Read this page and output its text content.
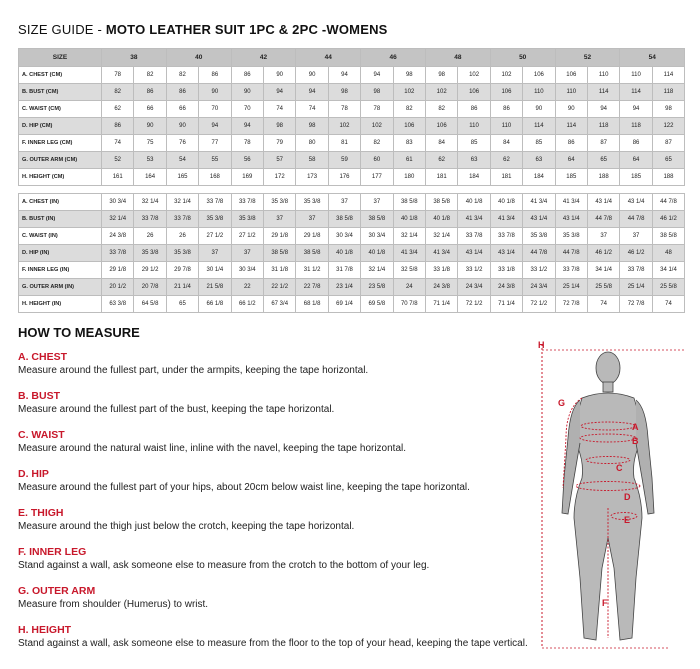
SIZE GUIDE - MOTO LEATHER SUIT 1PC & 2PC -WOMENS
SIZE	38		40		42		44		46		48		50		52		54	
A. CHEST (CM)	78	82	82	86	86	90	90	94	94	98	98	102	102	106	106	110	110	114
B. BUST (CM)	82	86	86	90	90	94	94	98	98	102	102	106	106	110	110	114	114	118
C. WAIST (CM)	62	66	66	70	70	74	74	78	78	82	82	86	86	90	90	94	94	98
D. HIP (CM)	86	90	90	94	94	98	98	102	102	106	106	110	110	114	114	118	118	122
F. INNER LEG (CM)	74	75	76	77	78	79	80	81	82	83	84	85	84	85	86	87	86	87
G. OUTER ARM (CM)	52	53	54	55	56	57	58	59	60	61	62	63	62	63	64	65	64	65
H. HEIGHT (CM)	161	164	165	168	169	172	173	176	177	180	181	184	181	184	185	188	185	188

A. CHEST (IN)	30 3/4	32 1/4	32 1/4	33 7/8	33 7/8	35 3/8	35 3/8	37	37	38 5/8	38 5/8	40 1/8	40 1/8	41 3/4	41 3/4	43 1/4	43 1/4	44 7/8
B. BUST (IN)	32 1/4	33 7/8	33 7/8	35 3/8	35 3/8	37	37	38 5/8	38 5/8	40 1/8	40 1/8	41 3/4	41 3/4	43 1/4	43 1/4	44 7/8	44 7/8	46 1/2
C. WAIST (IN)	24 3/8	26	26	27 1/2	27 1/2	29 1/8	29 1/8	30 3/4	30 3/4	32 1/4	32 1/4	33 7/8	33 7/8	35 3/8	35 3/8	37	37	38 5/8
D. HIP (IN)	33 7/8	35 3/8	35 3/8	37	37	38 5/8	38 5/8	40 1/8	40 1/8	41 3/4	41 3/4	43 1/4	43 1/4	44 7/8	44 7/8	46 1/2	46 1/2	48
F. INNER LEG (IN)	29 1/8	29 1/2	29 7/8	30 1/4	30 3/4	31 1/8	31 1/2	31 7/8	32 1/4	32 5/8	33 1/8	33 1/2	33 1/8	33 1/2	33 7/8	34 1/4	33 7/8	34 1/4
G. OUTER ARM (IN)	20 1/2	20 7/8	21 1/4	21 5/8	22	22 1/2	22 7/8	23 1/4	23 5/8	24	24 3/8	24 3/4	24 3/8	24 3/4	25 1/4	25 5/8	25 1/4	25 5/8
H. HEIGHT (IN)	63 3/8	64 5/8	65	66 1/8	66 1/2	67 3/4	68 1/8	69 1/4	69 5/8	70 7/8	71 1/4	72 1/2	71 1/4	72 1/2	72 7/8	74	72 7/8	74
HOW TO MEASURE
A. CHEST
Measure around the fullest part, under the armpits, keeping the tape horizontal.
B. BUST
Measure around the fullest part of the bust, keeping the tape horizontal.
C. WAIST
Measure around the natural waist line, inline with the navel, keeping the tape horizontal.
D. HIP
Measure around the fullest part of your hips, about 20cm below waist line, keeping the tape horizontal.
E. THIGH
Measure around the thigh just below the crotch, keeping the tape horizontal.
F. INNER LEG
Stand against a wall, ask someone else to measure from the crotch to the bottom of your leg.
G. OUTER ARM
Measure from shoulder (Humerus) to wrist.
H. HEIGHT
Stand against a wall, ask someone else to measure from the floor to the top of your head, keeping the tape vertical.
H
A
B
C
D
E
F
G
